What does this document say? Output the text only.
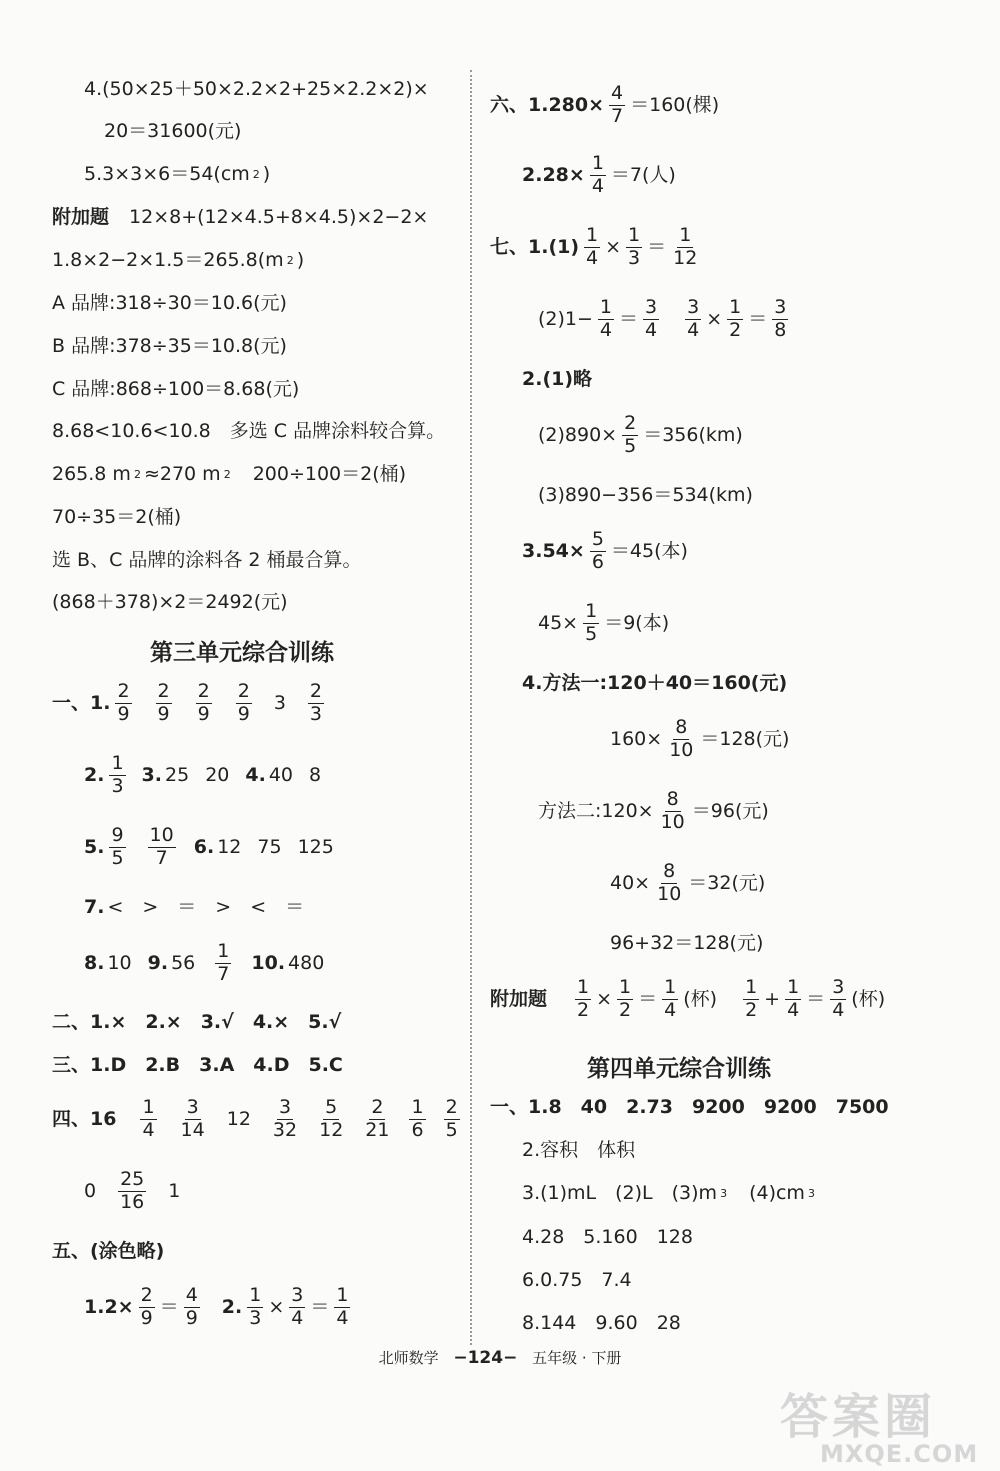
4.(50×25＋50×2.2×2+25×2.2×2)×
20＝31600(元)
5.3×3×6＝54(cm 2 )
附加题 12×8+(12×4.5+8×4.5)×2−2×
1.8×2−2×1.5＝265.8(m 2 )
A 品牌:318÷30＝10.6(元)
B 品牌:378÷35＝10.8(元)
C 品牌:868÷100＝8.68(元)
8.68<10.6<10.8　多选 C 品牌涂料较合算。
265.8 m 2 ≈270 m 2 　200÷100＝2(桶)
70÷35＝2(桶)
选 B、C 品牌的涂料各 2 桶最合算。
(868＋378)×2＝2492(元)
第三单元综合训练
一、1. $\frac{2}{9} \frac{2}{9} \frac{2}{9} \frac{2}{9} 3 \frac{2}{3}$
2. $\frac{1}{3} 3$. 25 20 4. 40 8
5. $\frac{9}{5} \frac{10}{7} 6$. 12 75 125
7. <　>　＝　>　<　＝
8. 10 9. $56 \frac{1}{7} 10$. 480
二、1.×　2.×　3.√　4.×　5.√
三、1.D　2.B　3.A　4.D　5.C
四、$16 \frac{1}{4} \frac{3}{14} 12 \frac{3}{32} \frac{5}{12} \frac{2}{21} \frac{1}{6} \frac{2}{5}$
$0 \frac{25}{16} 1$
五、(涂色略)
$1.2\times \frac{2}{9} = \frac{4}{9} 2$. $\frac{1}{3} \times \frac{3}{4} = \frac{1}{4}$
六、$1.280\times \frac{4}{7} =160$(棵)
$2.28\times \frac{1}{4} =7$(人)
七、$1.(1) \frac{1}{4} \times \frac{1}{3} = \frac{1}{12}$
$(2)1- \frac{1}{4} = \frac{3}{4} \frac{3}{4} \times \frac{1}{2} = \frac{3}{8}$
2.(1)略
$(2)890\times \frac{2}{5} =356(km)$
(3)890−356＝534(km)
$3.54\times \frac{5}{6} =45$(本)
$45\times \frac{1}{5} =9$(本)
4.方法一:120＋40＝160(元)
$160\times \frac{8}{10} =128$(元)
方法二:120× $\frac{8}{10} =96$(元)
$40\times \frac{8}{10} =32$(元)
96+32＝128(元)
附加题 $\frac{1}{2} \times \frac{1}{2} = \frac{1}{4}$ (杯) $\frac{1}{2} + \frac{1}{4} = \frac{3}{4}$ (杯)
第四单元综合训练
一、1.8　40　2.73　9200　9200　7500
2.容积　体积
3.(1)mL　(2)L　(3)m 3 　(4)cm 3
4.28　5.160　128
6.0.75　7.4
8.144　9.60　28
北师数学 −124− 五年级 · 下册
答案圈
MXQE.COM
